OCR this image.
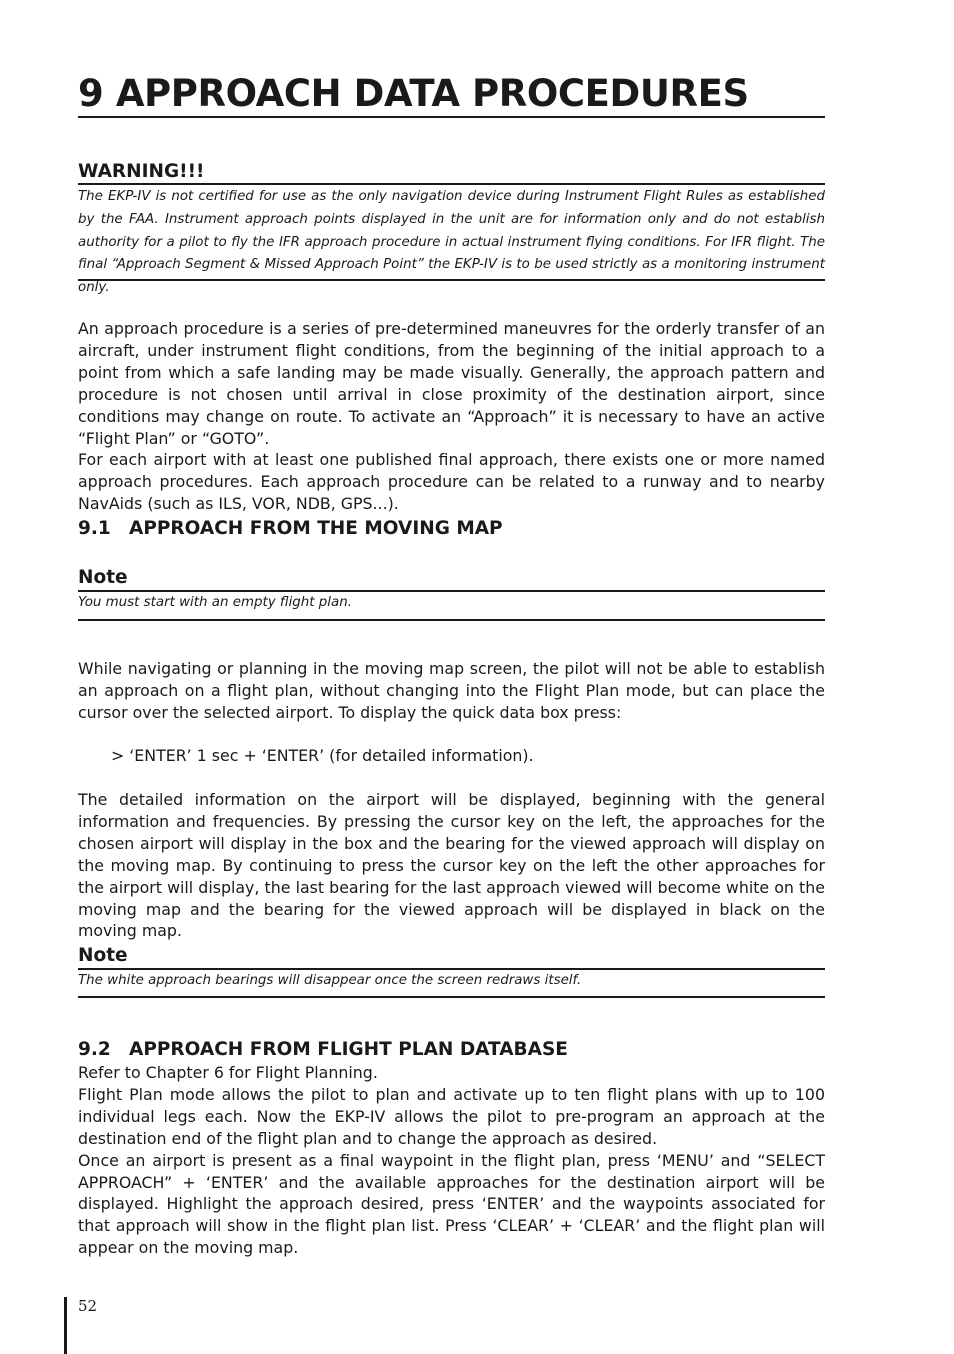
9 APPROACH DATA PROCEDURES
WARNING!!!

The EKP-IV is not certified for use as the only navigation device during Instrument Flight Rules as established by the FAA. Instrument approach points displayed in the unit are for information only and do not establish authority for a pilot to fly the IFR approach procedure in actual instrument flying conditions. For IFR flight. The final “Approach Segment & Missed Approach Point” the EKP-IV is to be used strictly as a monitoring instrument only.

An approach procedure is a series of pre-determined maneuvres for the orderly transfer of an aircraft, under instrument flight conditions, from the beginning of the initial approach to a point from which a safe landing may be made visually. Generally, the approach pattern and procedure is not chosen until arrival in close proximity of the destination airport, since conditions may change on route. To activate an “Approach” it is necessary to have an active “Flight Plan” or “GOTO”.

For each airport with at least one published final approach, there exists one or more named approach procedures. Each approach procedure can be related to a runway and to nearby NavAids (such as ILS, VOR, NDB, GPS...).

9.1 APPROACH FROM THE MOVING MAP
Note

You must start with an empty flight plan.

While navigating or planning in the moving map screen, the pilot will not be able to establish an approach on a flight plan, without changing into the Flight Plan mode, but can place the cursor over the selected airport. To display the quick data box press:

> ‘ENTER’ 1 sec + ‘ENTER’ (for detailed information).

The detailed information on the airport will be displayed, beginning with the general information and frequencies. By pressing the cursor key on the left, the approaches for the chosen airport will display in the box and the bearing for the viewed approach will display on the moving map. By continuing to press the cursor key on the left the other approaches for the airport will display, the last bearing for the last approach viewed will become white on the moving map and the bearing for the viewed approach will be displayed in black on the moving map.

Note

The white approach bearings will disappear once the screen redraws itself.

9.2 APPROACH FROM FLIGHT PLAN DATABASE

Refer to Chapter 6 for Flight Planning.

Flight Plan mode allows the pilot to plan and activate up to ten flight plans with up to 100 individual legs each. Now the EKP-IV allows the pilot to pre-program an approach at the destination end of the flight plan and to change the approach as desired.

Once an airport is present as a final waypoint in the flight plan, press ‘MENU’ and “SELECT APPROACH” + ‘ENTER’ and the available approaches for the destination airport will be displayed. Highlight the approach desired, press ‘ENTER’ and the waypoints associated for that approach will show in the flight plan list. Press ‘CLEAR’ + ‘CLEAR’ and the flight plan will appear on the moving map.

52
